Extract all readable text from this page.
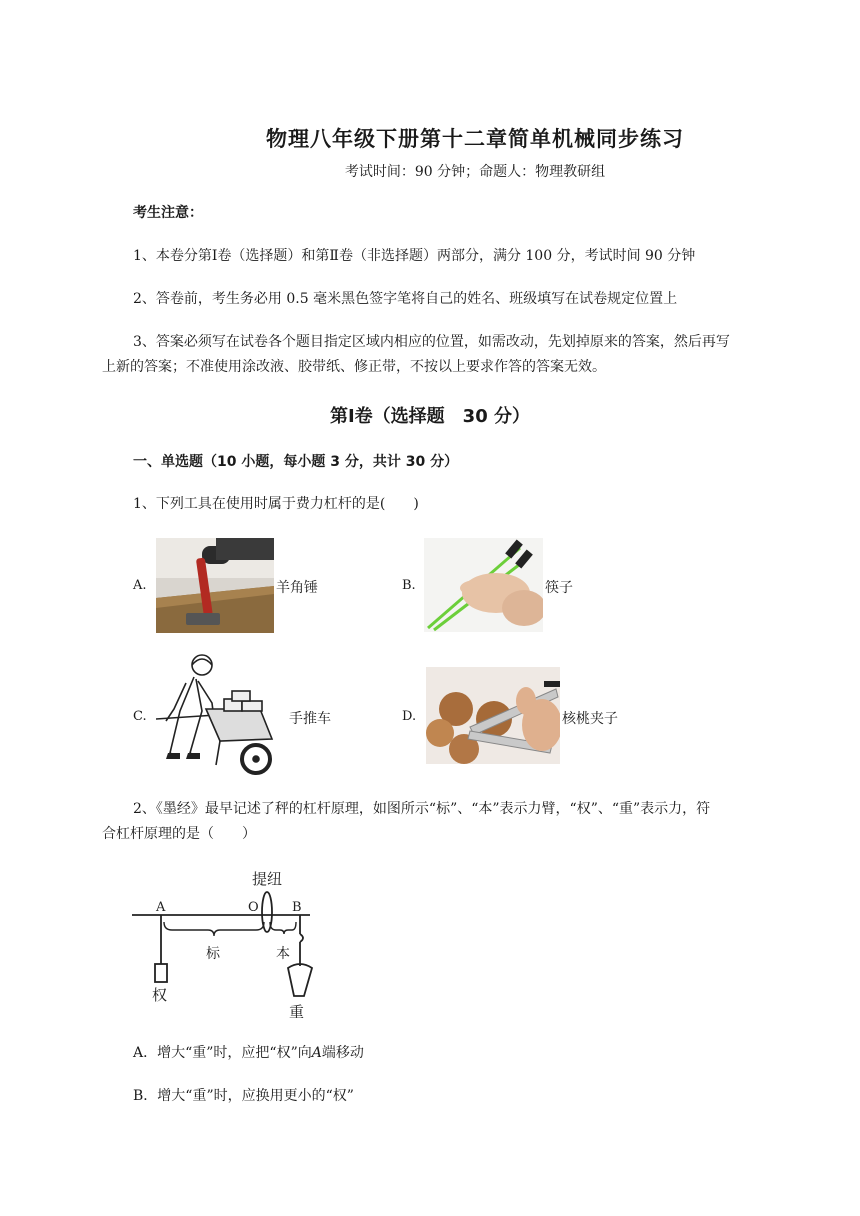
物理八年级下册第十二章简单机械同步练习
考试时间：90 分钟；命题人：物理教研组
考生注意：
1、本卷分第Ⅰ卷（选择题）和第Ⅱ卷（非选择题）两部分，满分 100 分，考试时间 90 分钟
2、答卷前，考生务必用 0.5 毫米黑色签字笔将自己的姓名、班级填写在试卷规定位置上
3、答案必须写在试卷各个题目指定区域内相应的位置，如需改动，先划掉原来的答案，然后再写
上新的答案；不准使用涂改液、胶带纸、修正带，不按以上要求作答的答案无效。
第Ⅰ卷（选择题　30 分）
一、单选题（10 小题，每小题 3 分，共计 30 分）
1、下列工具在使用时属于费力杠杆的是(　　)
A.	羊角锤	B.	筷子
C.	手推车	D.	核桃夹子
2、《墨经》最早记述了秤的杠杆原理，如图所示“标”、“本”表示力臂，“权”、“重”表示力，符
合杠杆原理的是（　　）
提纽
A	O	B
标	本
权
重
A．增大“重”时，应把“权”向A端移动
B．增大“重”时，应换用更小的“权”
